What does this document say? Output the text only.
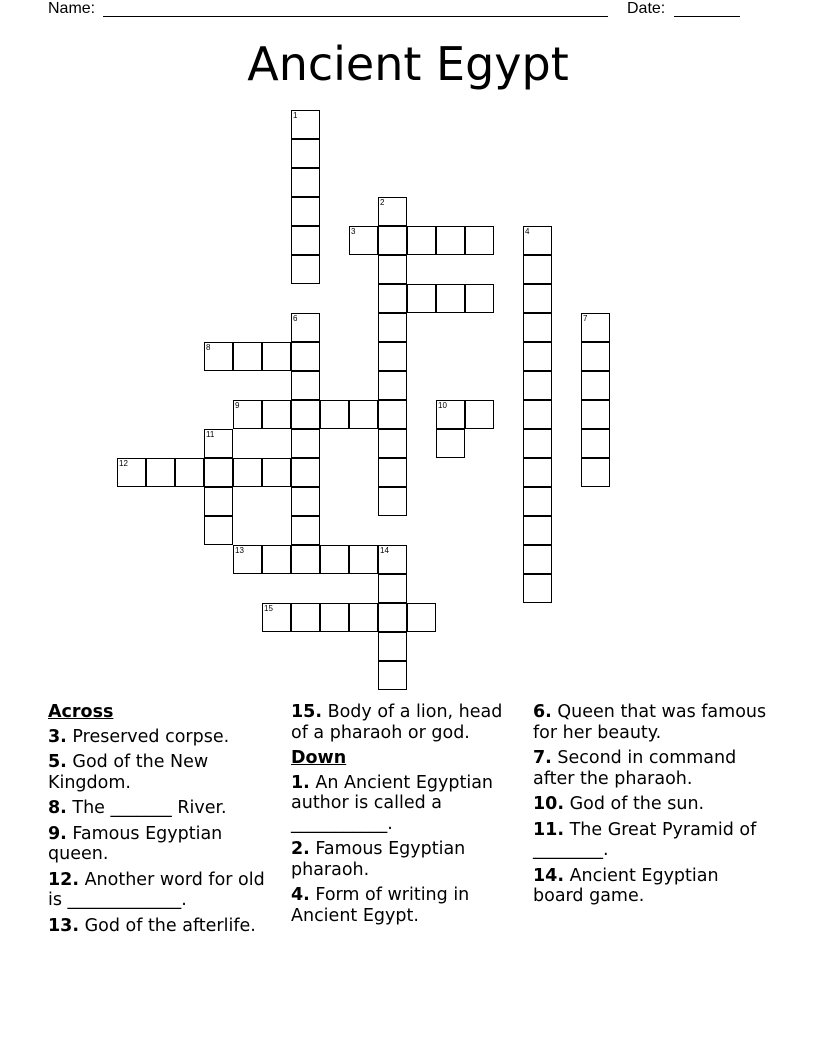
Name:	Date:
Ancient Egypt
1
2
3	4
6	7
8
9	10
11
12
13	14
15
Across
3. Preserved corpse.
5. God of the New Kingdom.
8. The _______ River.
9. Famous Egyptian queen.
12. Another word for old is _____________.
13. God of the afterlife.
15. Body of a lion, head of a pharaoh or god.
Down
1. An Ancient Egyptian author is called a ___________.
2. Famous Egyptian pharaoh.
4. Form of writing in Ancient Egypt.
6. Queen that was famous for her beauty.
7. Second in command after the pharaoh.
10. God of the sun.
11. The Great Pyramid of ________.
14. Ancient Egyptian board game.
